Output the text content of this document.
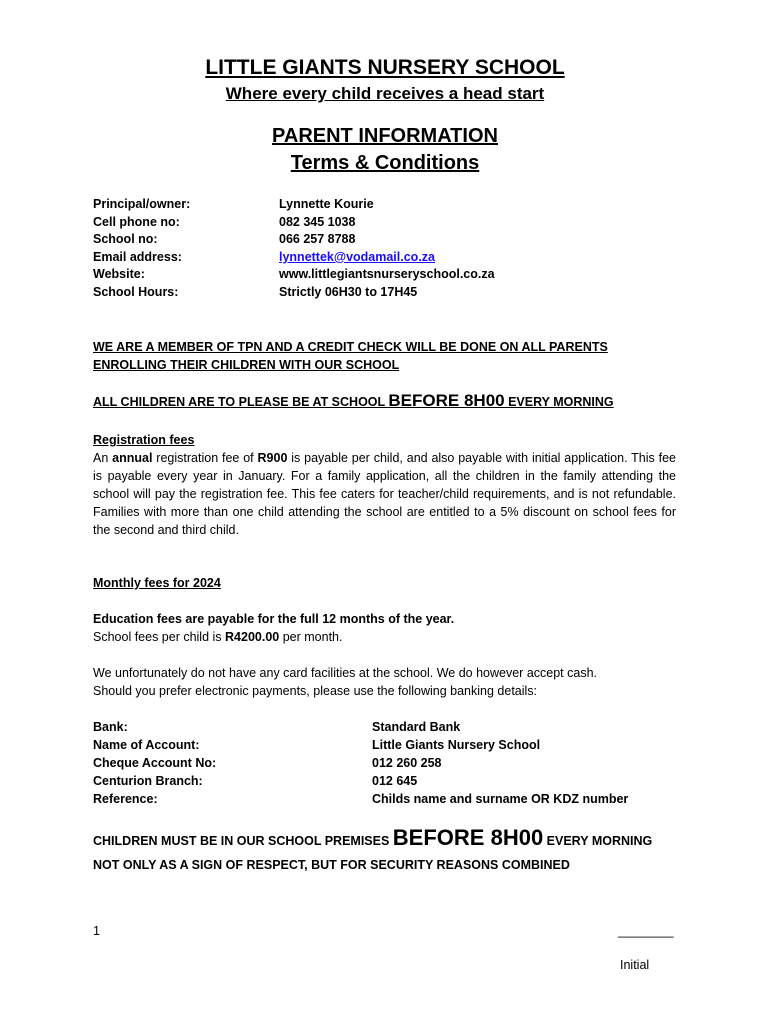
LITTLE GIANTS NURSERY SCHOOL
Where every child receives a head start
PARENT INFORMATION
Terms & Conditions
Principal/owner:	Lynnette Kourie
Cell phone no:	082 345 1038
School no:	066 257 8788
Email address:	lynnettek@vodamail.co.za
Website:	www.littlegiantsnurseryschool.co.za
School Hours:	Strictly 06H30 to 17H45
WE ARE A MEMBER OF TPN AND A CREDIT CHECK WILL BE DONE ON ALL PARENTS ENROLLING THEIR CHILDREN WITH OUR SCHOOL
ALL CHILDREN ARE TO PLEASE BE AT SCHOOL BEFORE 8H00 EVERY MORNING
Registration fees
An annual registration fee of R900 is payable per child, and also payable with initial application. This fee is payable every year in January. For a family application, all the children in the family attending the school will pay the registration fee. This fee caters for teacher/child requirements, and is not refundable. Families with more than one child attending the school are entitled to a 5% discount on school fees for the second and third child.
Monthly fees for 2024
Education fees are payable for the full 12 months of the year.
School fees per child is R4200.00 per month.
We unfortunately do not have any card facilities at the school. We do however accept cash.
Should you prefer electronic payments, please use the following banking details:
Bank:	Standard Bank
Name of Account:	Little Giants Nursery School
Cheque Account No:	012 260 258
Centurion Branch:	012 645
Reference:	Childs name and surname OR KDZ number
CHILDREN MUST BE IN OUR SCHOOL PREMISES BEFORE 8H00 EVERY MORNING
NOT ONLY AS A SIGN OF RESPECT, BUT FOR SECURITY REASONS COMBINED
1	________
Initial
